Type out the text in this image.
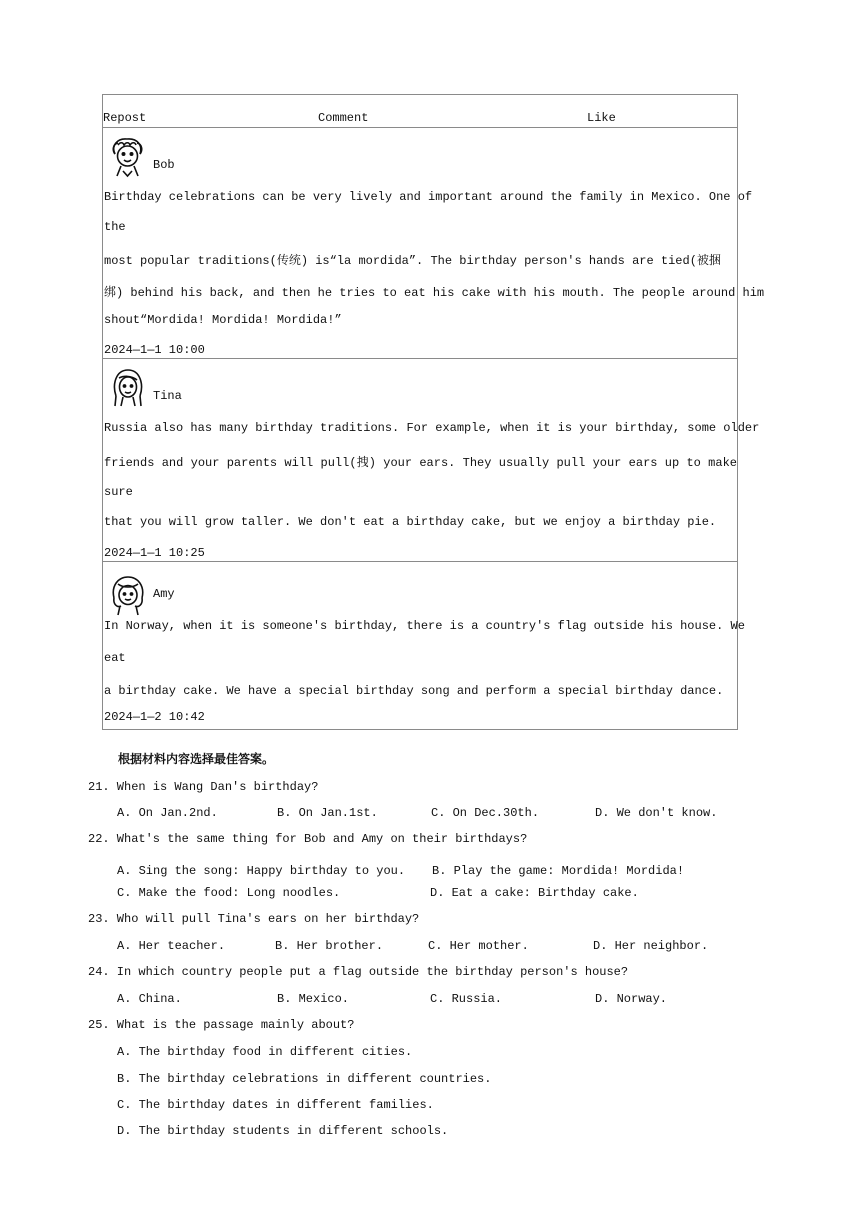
Repost	Comment	Like
Bob
Birthday celebrations can be very lively and important around the family in Mexico. One of
the
most popular traditions(传统) is“la mordida”. The birthday person's hands are tied(被捆
绑) behind his back, and then he tries to eat his cake with his mouth. The people around him
shout“Mordida! Mordida! Mordida!”
2024—1—1 10:00
Tina
Russia also has many birthday traditions. For example, when it is your birthday, some older
friends and your parents will pull(拽) your ears. They usually pull your ears up to make
sure
that you will grow taller. We don't eat a birthday cake, but we enjoy a birthday pie.
2024—1—1 10:25
Amy
In Norway, when it is someone's birthday, there is a country's flag outside his house. We
eat
a birthday cake. We have a special birthday song and perform a special birthday dance.
2024—1—2 10:42
根据材料内容选择最佳答案。
21. When is Wang Dan's birthday?
A. On Jan.2nd.	B. On Jan.1st.	C. On Dec.30th.	D. We don't know.
22. What's the same thing for Bob and Amy on their birthdays?
A. Sing the song: Happy birthday to you. B. Play the game: Mordida! Mordida!
C. Make the food: Long noodles.	D. Eat a cake: Birthday cake.
23. Who will pull Tina's ears on her birthday?
A. Her teacher.	B. Her brother.	C. Her mother.	D. Her neighbor.
24. In which country people put a flag outside the birthday person's house?
A. China.	B. Mexico.	C. Russia.	D. Norway.
25. What is the passage mainly about?
A. The birthday food in different cities.
B. The birthday celebrations in different countries.
C. The birthday dates in different families.
D. The birthday students in different schools.
